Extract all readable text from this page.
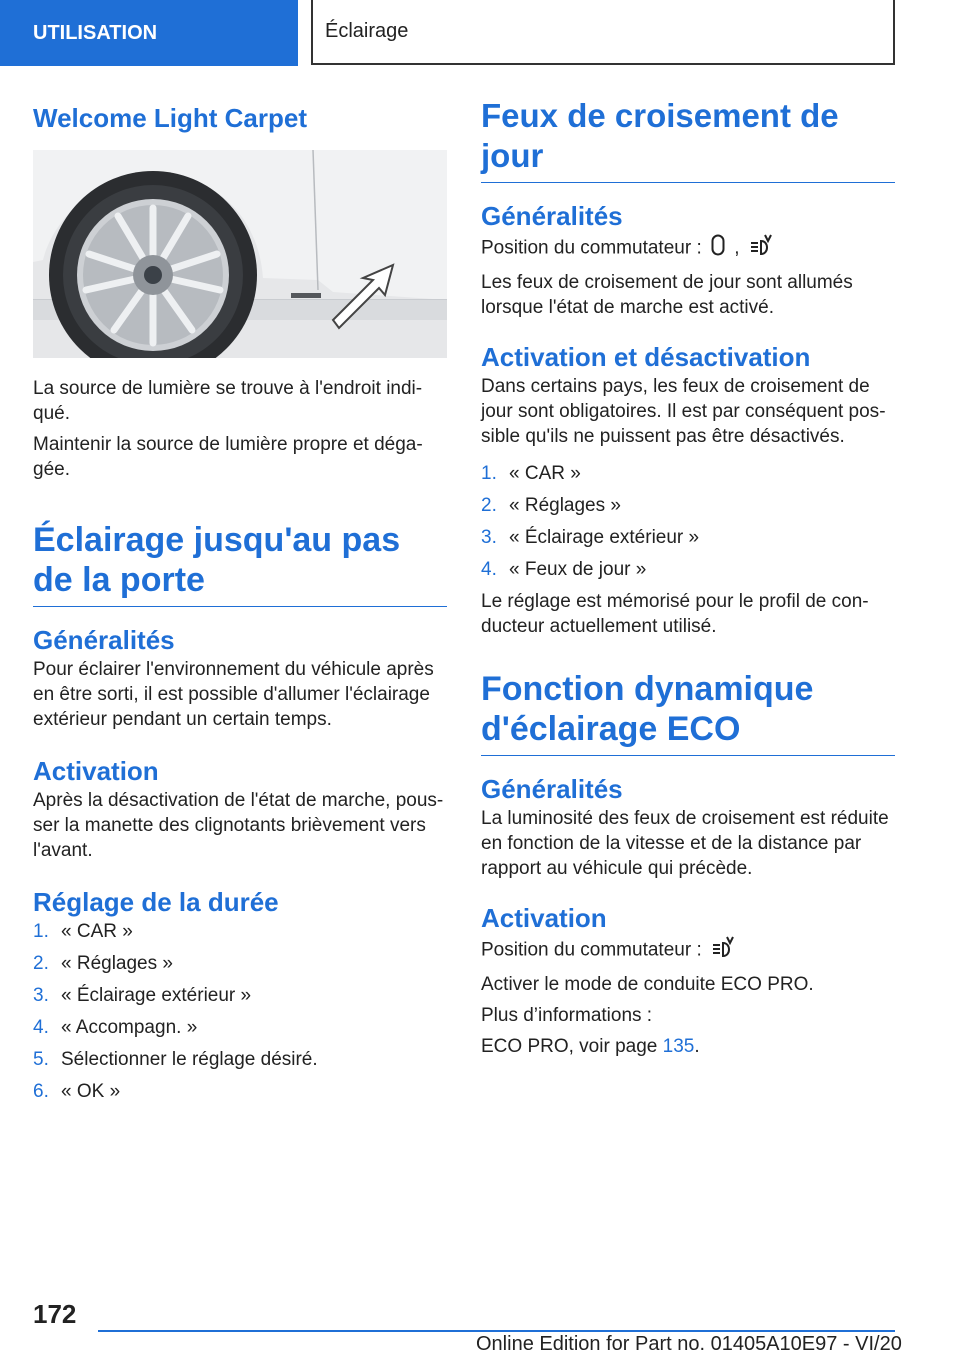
UTILISATION	Éclairage
Welcome Light Carpet

La source de lumière se trouve à l'endroit indiqué.

Maintenir la source de lumière propre et dégagée.

Éclairage jusqu'au pas de la porte
Généralités

Pour éclairer l'environnement du véhicule après en être sorti, il est possible d'allumer l'éclairage extérieur pendant un certain temps.

Activation

Après la désactivation de l'état de marche, pousser la manette des clignotants brièvement vers l'avant.

Réglage de la durée
1. « CAR »
2. « Réglages »
3. « Éclairage extérieur »
4. « Accompagn. »
5. Sélectionner le réglage désiré.
6. « OK »
Feux de croisement de jour
Généralités

Position du commutateur : ,

Les feux de croisement de jour sont allumés lorsque l'état de marche est activé.

Activation et désactivation

Dans certains pays, les feux de croisement de jour sont obligatoires. Il est par conséquent possible qu'ils ne puissent pas être désactivés.

1. « CAR »
2. « Réglages »
3. « Éclairage extérieur »
4. « Feux de jour »

Le réglage est mémorisé pour le profil de conducteur actuellement utilisé.

Fonction dynamique d'éclairage ECO
Généralités

La luminosité des feux de croisement est réduite en fonction de la vitesse et de la distance par rapport au véhicule qui précède.

Activation

Position du commutateur :

Activer le mode de conduite ECO PRO.

Plus d’informations :

ECO PRO, voir page 135.

172
Online Edition for Part no. 01405A10E97 - VI/20
